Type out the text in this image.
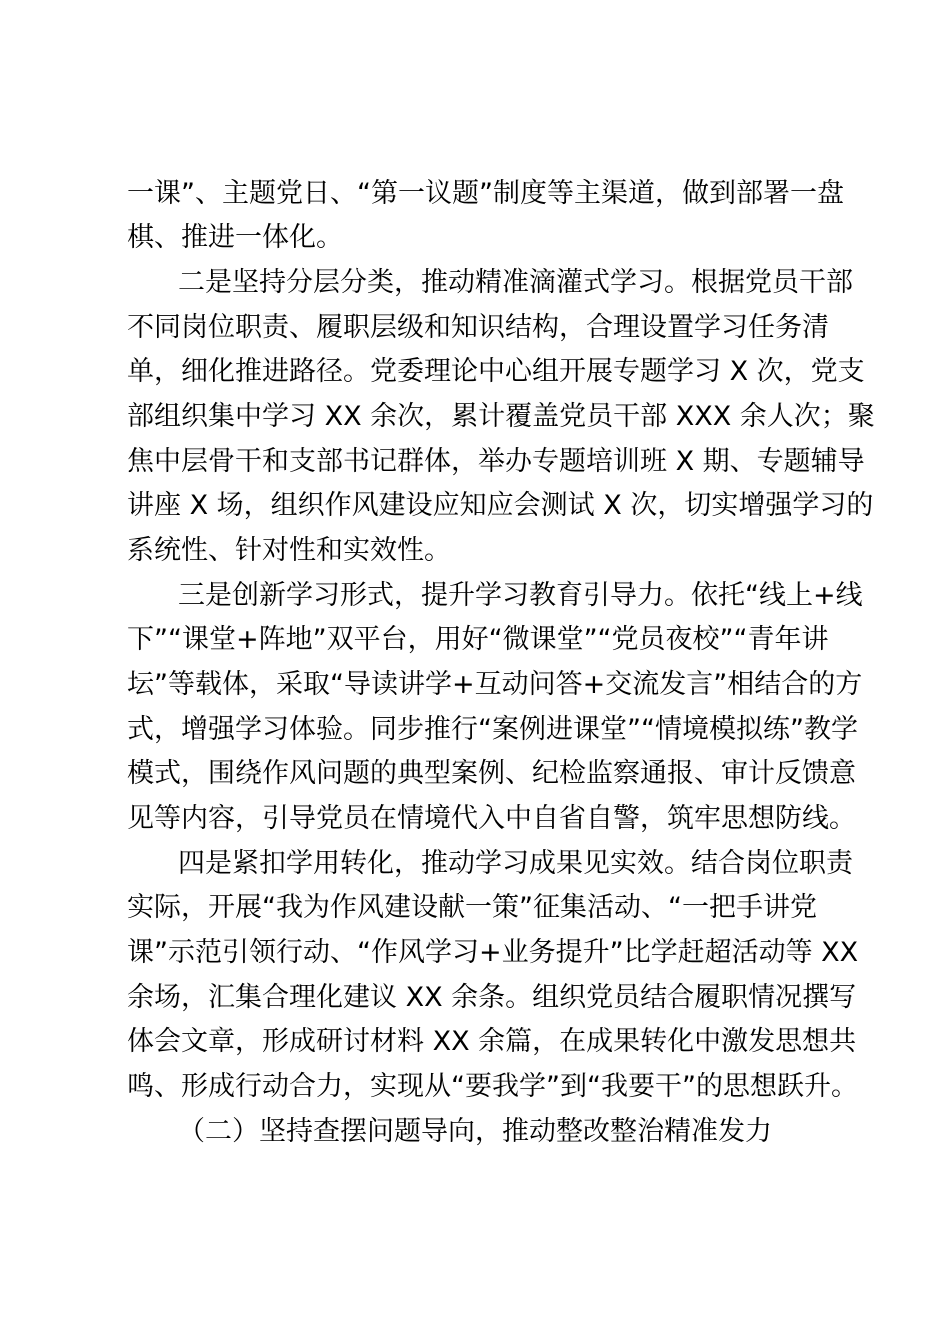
一课”、主题党日、“第一议题”制度等主渠道，做到部署一盘
棋、推进一体化。
二是坚持分层分类，推动精准滴灌式学习。根据党员干部
不同岗位职责、履职层级和知识结构，合理设置学习任务清
单，细化推进路径。党委理论中心组开展专题学习 X 次，党支
部组织集中学习 XX 余次，累计覆盖党员干部 XXX 余人次；聚
焦中层骨干和支部书记群体，举办专题培训班 X 期、专题辅导
讲座 X 场，组织作风建设应知应会测试 X 次，切实增强学习的
系统性、针对性和实效性。
三是创新学习形式，提升学习教育引导力。依托“线上+线
下”“课堂+阵地”双平台，用好“微课堂”“党员夜校”“青年讲
坛”等载体，采取“导读讲学+互动问答+交流发言”相结合的方
式，增强学习体验。同步推行“案例进课堂”“情境模拟练”教学
模式，围绕作风问题的典型案例、纪检监察通报、审计反馈意
见等内容，引导党员在情境代入中自省自警，筑牢思想防线。
四是紧扣学用转化，推动学习成果见实效。结合岗位职责
实际，开展“我为作风建设献一策”征集活动、“一把手讲党
课”示范引领行动、“作风学习+业务提升”比学赶超活动等 XX
余场，汇集合理化建议 XX 余条。组织党员结合履职情况撰写
体会文章，形成研讨材料 XX 余篇，在成果转化中激发思想共
鸣、形成行动合力，实现从“要我学”到“我要干”的思想跃升。
（二）坚持查摆问题导向，推动整改整治精准发力
